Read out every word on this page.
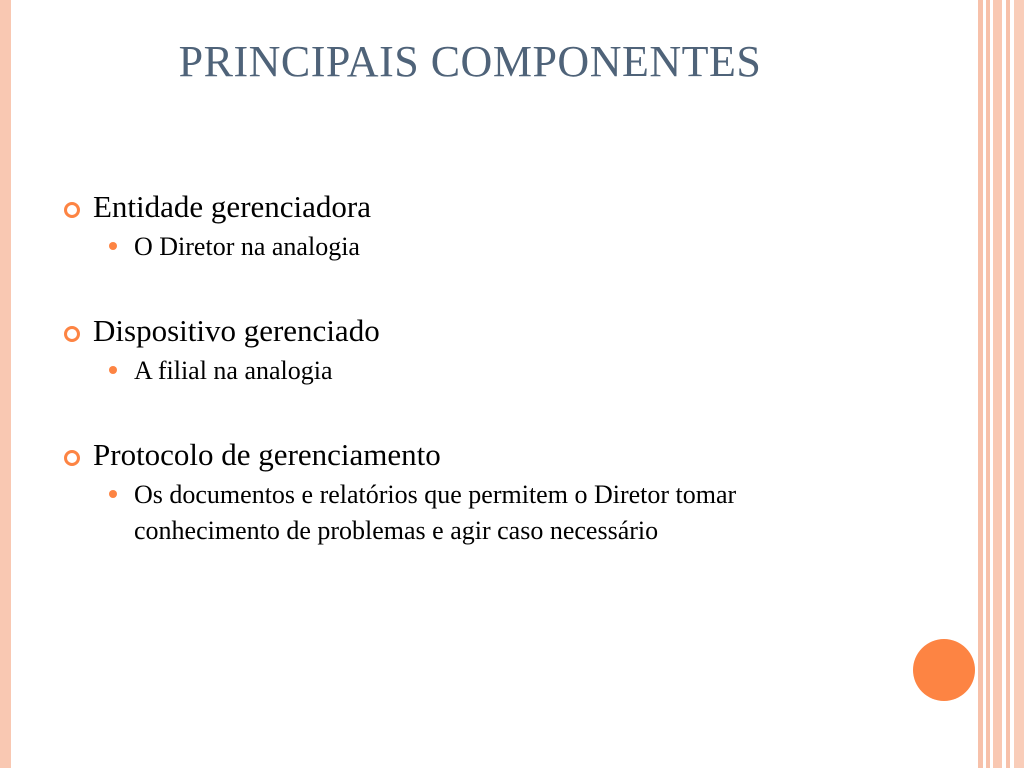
PRINCIPAIS COMPONENTES
Entidade gerenciadora
O Diretor na analogia
Dispositivo gerenciado
A filial na analogia
Protocolo de gerenciamento
Os documentos e relatórios que permitem o Diretor tomar conhecimento de problemas e agir caso necessário
